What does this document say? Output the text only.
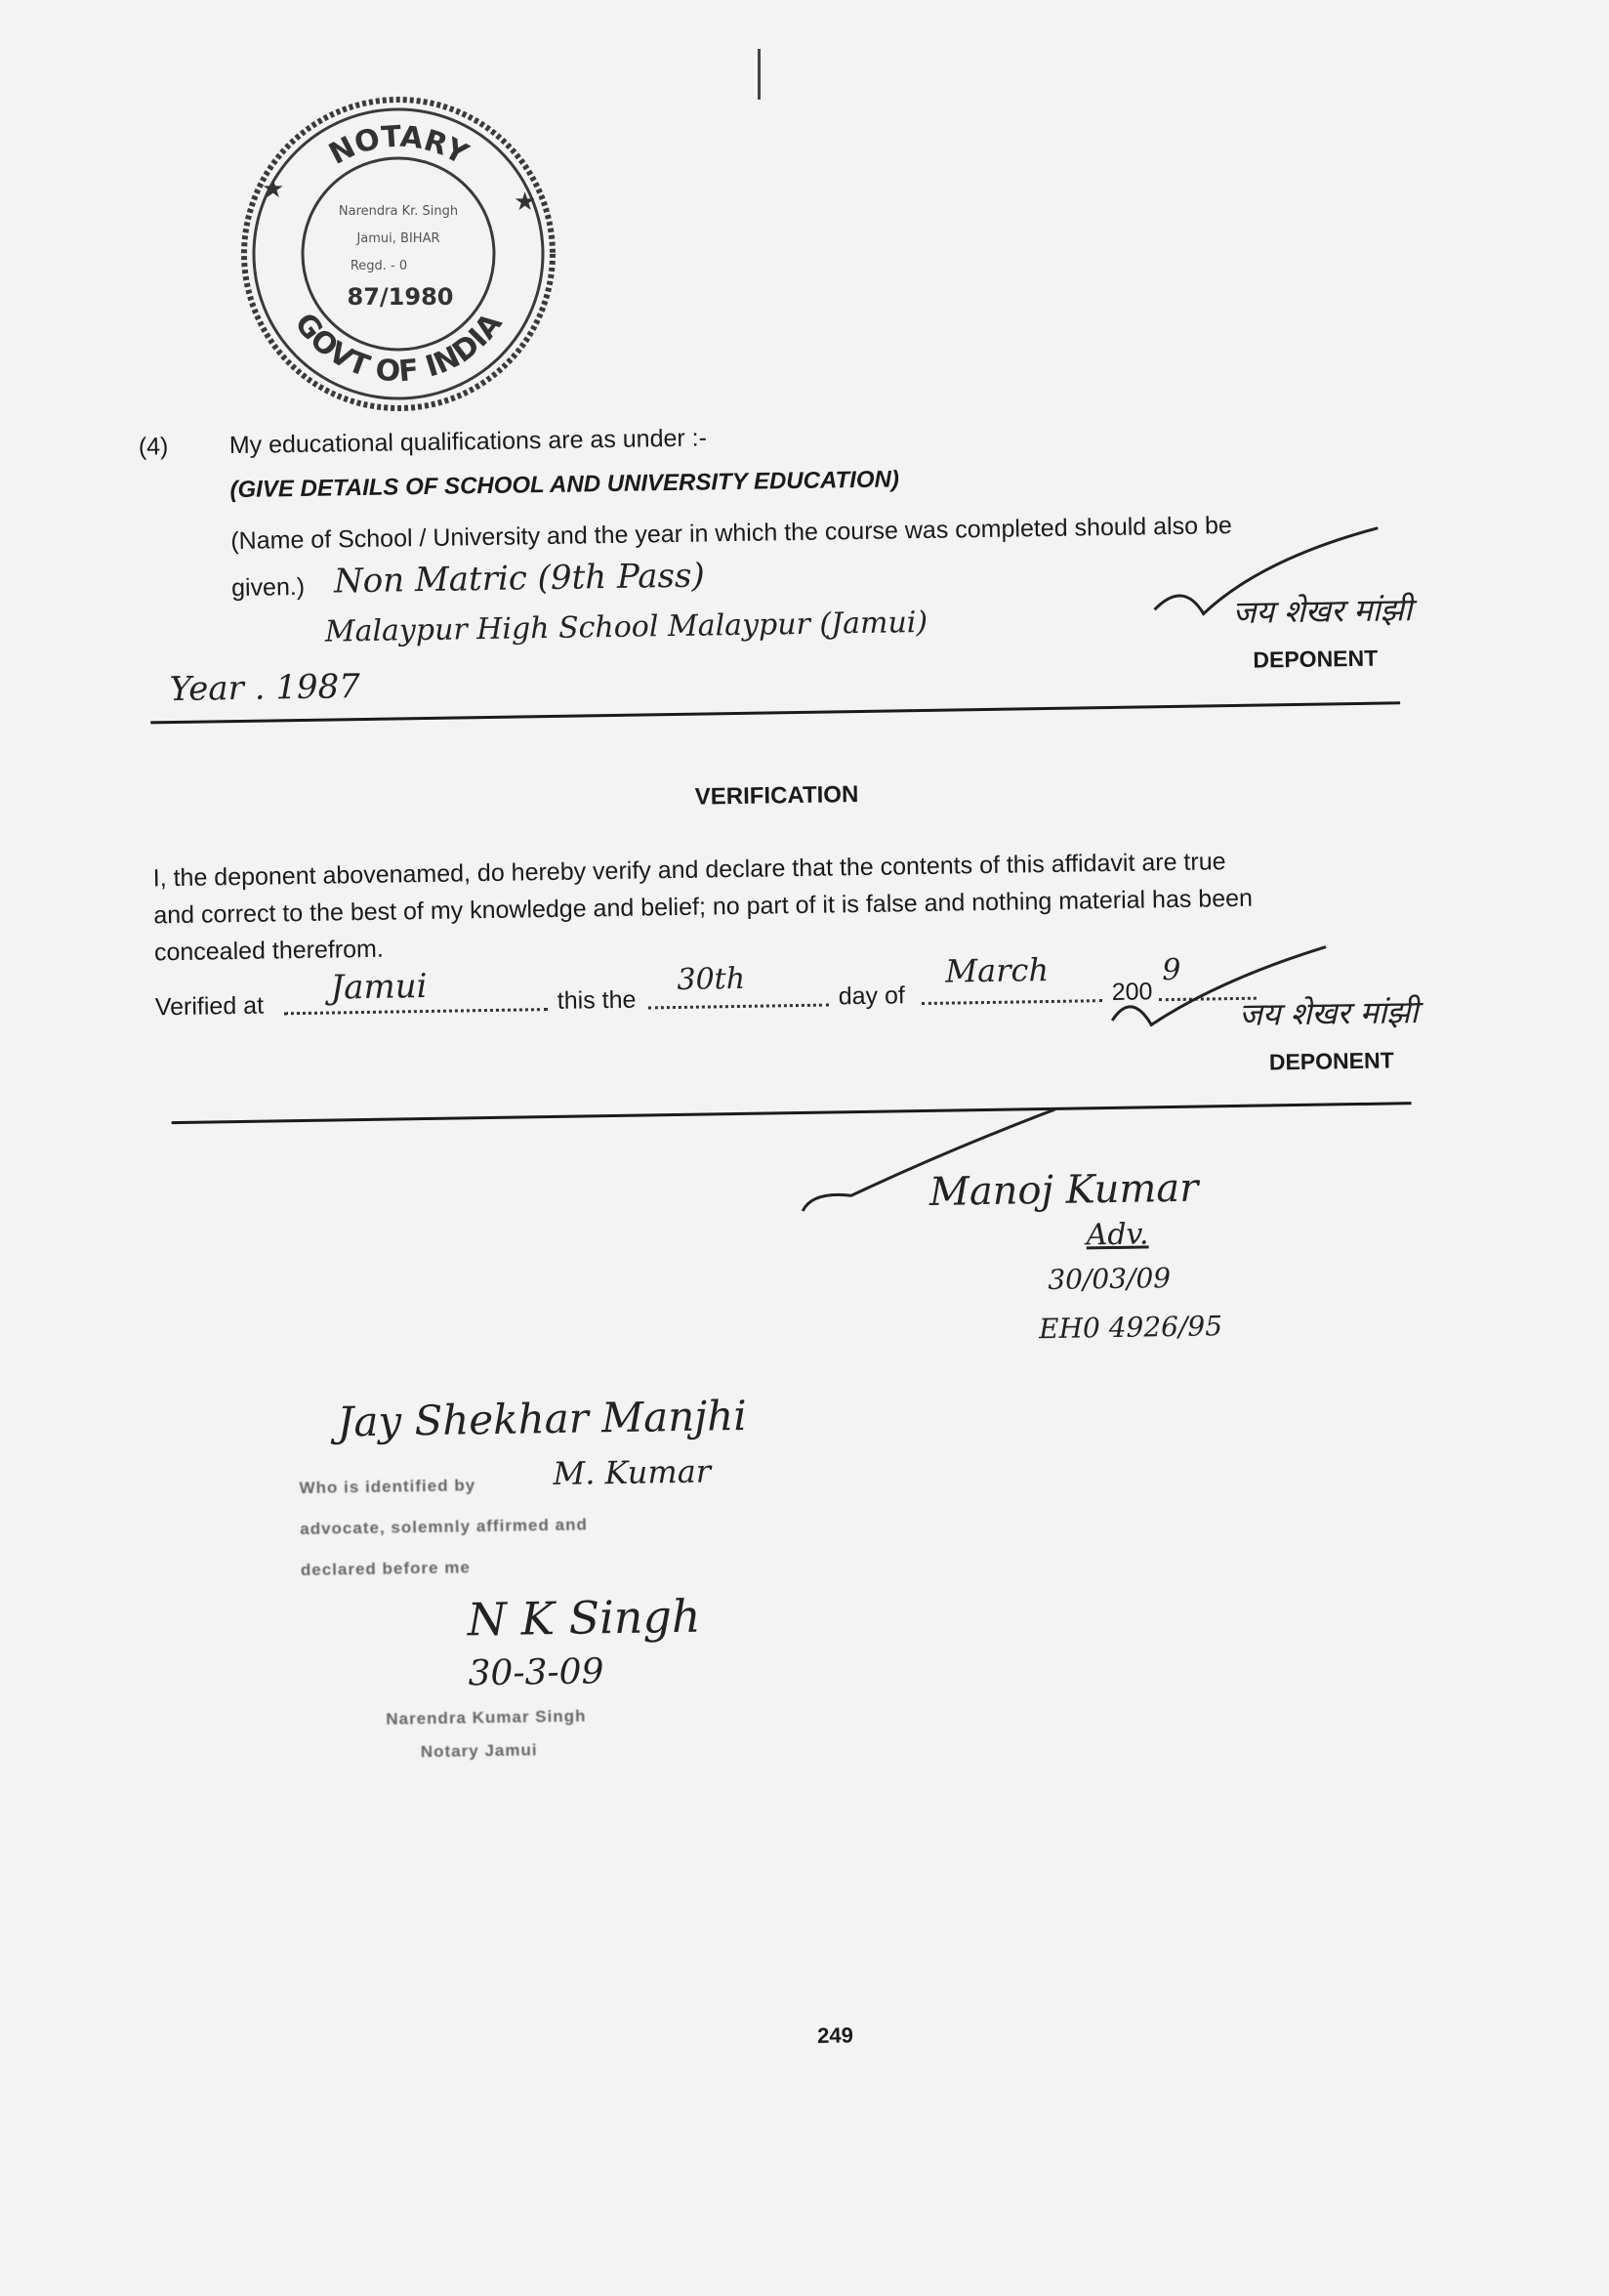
NOTARY
GOVT OF INDIA
★	★
Narendra Kr. Singh
Jamui, BIHAR
Regd. - 0
87/1980
(4) My educational qualifications are as under :-
(GIVE DETAILS OF SCHOOL AND UNIVERSITY EDUCATION)
(Name of School / University and the year in which the course was completed should also be
given.) Non Matric (9th Pass)
Malaypur High School Malaypur (Jamui)
Year . 1987
जय शेखर मांझी
DEPONENT
VERIFICATION
I, the deponent abovenamed, do hereby verify and declare that the contents of this affidavit are true
and correct to the best of my knowledge and belief; no part of it is false and nothing material has been
concealed therefrom.
Verified at Jamui	this the
30th	day of
March
200
9
जय शेखर मांझी
DEPONENT
Manoj Kumar
Adv.
30/03/09
EH0 4926/95
Jay Shekhar Manjhi
M. Kumar
Who is identified by
advocate, solemnly affirmed and
declared before me
N K Singh
30-3-09
Narendra Kumar Singh
Notary Jamui
249
